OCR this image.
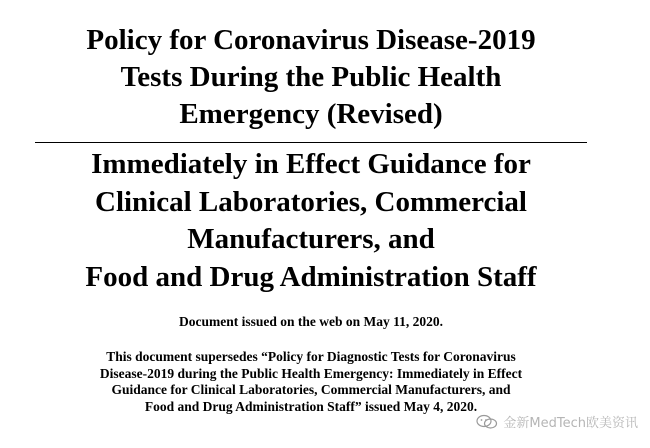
Policy for Coronavirus Disease-2019
Tests During the Public Health
Emergency (Revised)
Immediately in Effect Guidance for
Clinical Laboratories, Commercial
Manufacturers, and
Food and Drug Administration Staff

Document issued on the web on May 11, 2020.

This document supersedes “Policy for Diagnostic Tests for Coronavirus
Disease-2019 during the Public Health Emergency: Immediately in Effect
Guidance for Clinical Laboratories, Commercial Manufacturers, and
Food and Drug Administration Staff” issued May 4, 2020.

金新MedTech欧美资讯
